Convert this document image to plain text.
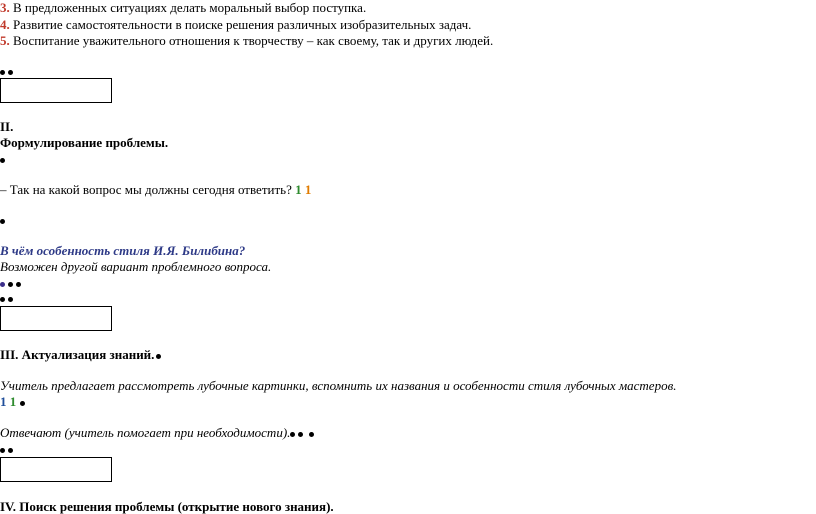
3. В предложенных ситуациях делать моральный выбор поступка.
4. Развитие самостоятельности в поиске решения различных изобразительных задач.
5. Воспитание уважительного отношения к творчеству – как своему, так и других людей.
II.
Формулирование проблемы.
– Так на какой вопрос мы должны сегодня ответить? 1 1
В чём особенность стиля И.Я. Билибина?
Возможен другой вариант проблемного вопроса.
III. Актуализация знаний.
Учитель предлагает рассмотреть лубочные картинки, вспомнить их названия и особенности стиля лубочных мастеров.
1 1
Отвечают (учитель помогает при необходимости).
IV. Поиск решения проблемы (открытие нового знания).
